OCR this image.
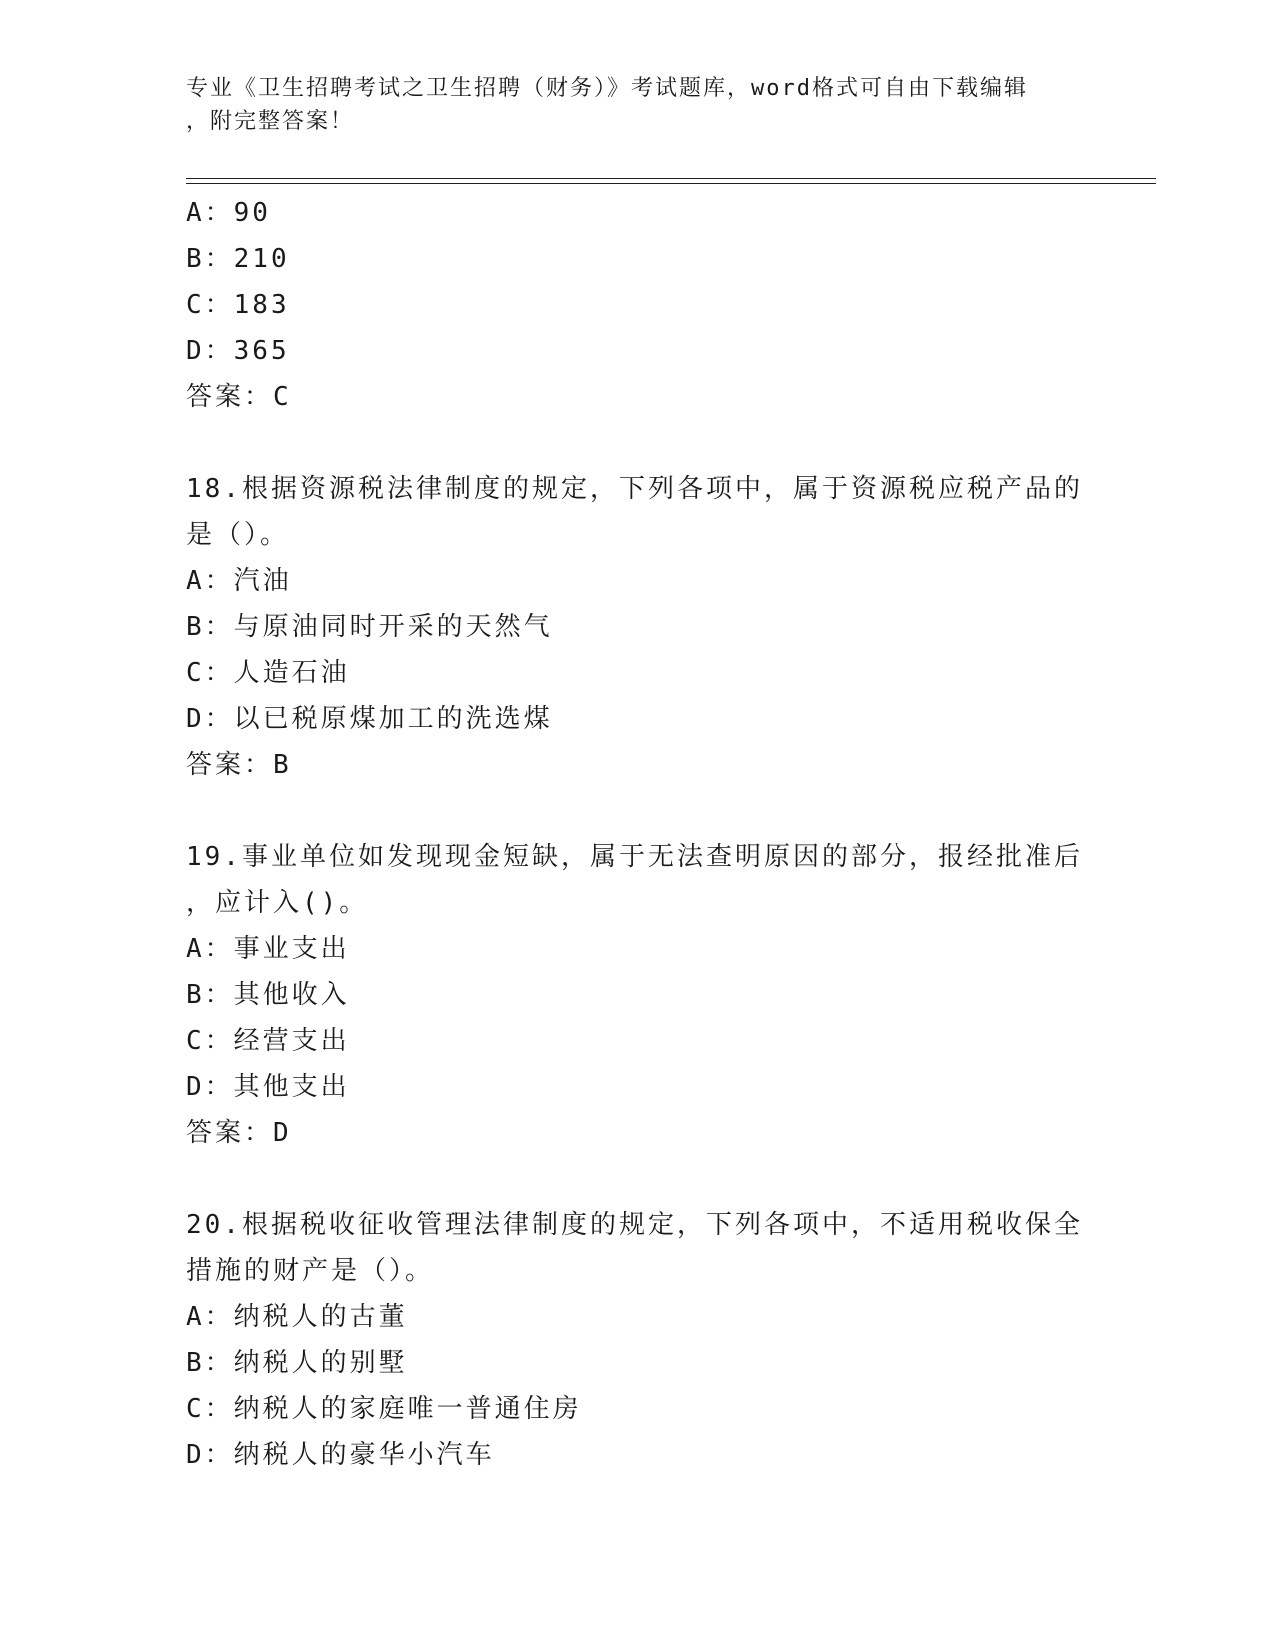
专业《卫生招聘考试之卫生招聘（财务）》考试题库，word格式可自由下载编辑
，附完整答案！
A：90
B：210
C：183
D：365
答案：C
18.根据资源税法律制度的规定，下列各项中，属于资源税应税产品的
是（）。
A：汽油
B：与原油同时开采的天然气
C：人造石油
D：以已税原煤加工的洗选煤
答案：B
19.事业单位如发现现金短缺，属于无法查明原因的部分，报经批准后
，应计入()。
A：事业支出
B：其他收入
C：经营支出
D：其他支出
答案：D
20.根据税收征收管理法律制度的规定，下列各项中，不适用税收保全
措施的财产是（）。
A：纳税人的古董
B：纳税人的别墅
C：纳税人的家庭唯一普通住房
D：纳税人的豪华小汽车
